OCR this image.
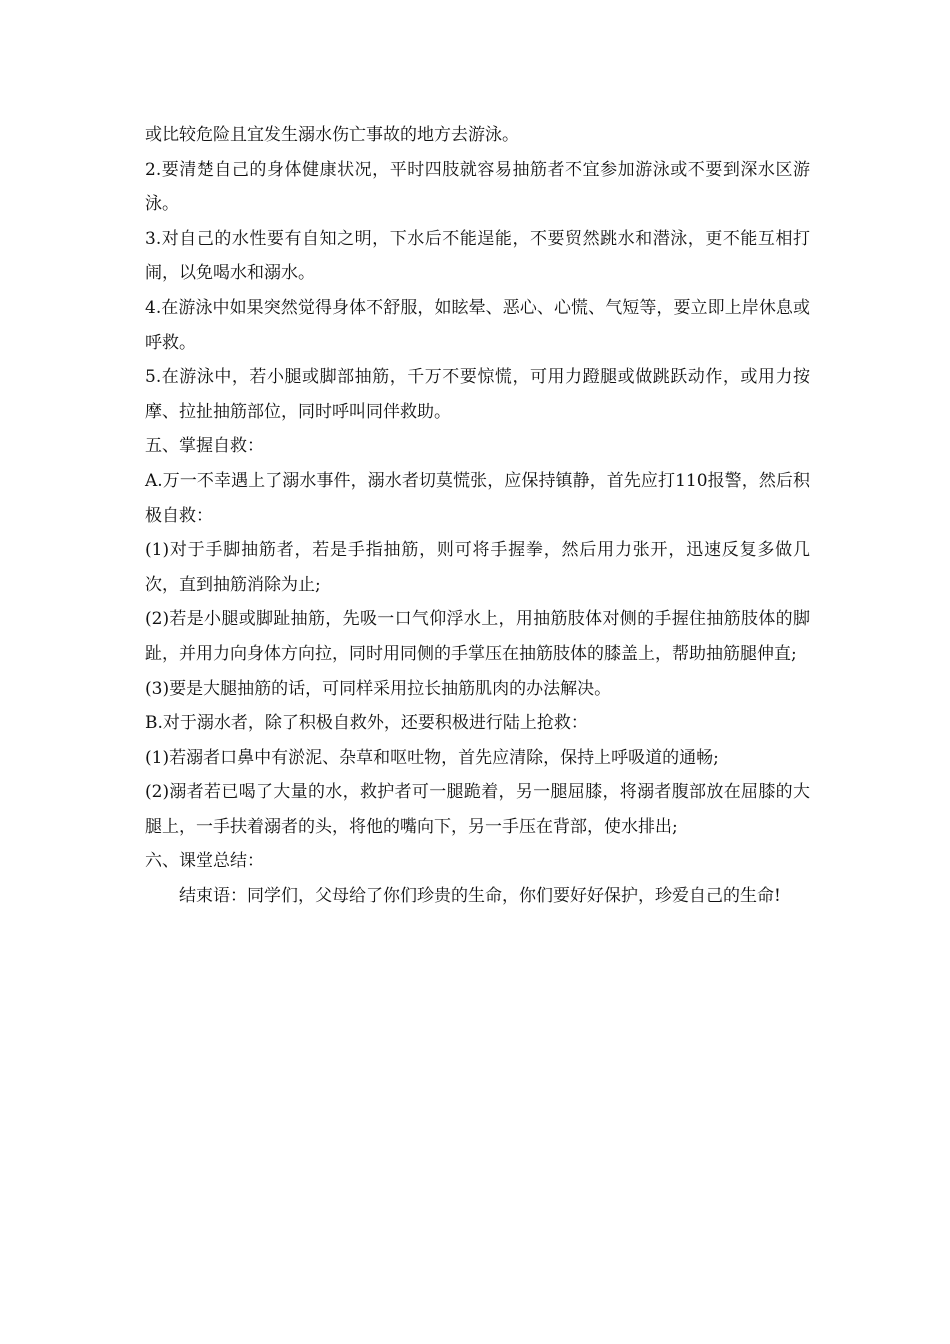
或比较危险且宜发生溺水伤亡事故的地方去游泳。

2.要清楚自己的身体健康状况，平时四肢就容易抽筋者不宜参加游泳或不要到深水区游泳。

3.对自己的水性要有自知之明，下水后不能逞能，不要贸然跳水和潜泳，更不能互相打闹，以免喝水和溺水。

4.在游泳中如果突然觉得身体不舒服，如眩晕、恶心、心慌、气短等，要立即上岸休息或呼救。

5.在游泳中，若小腿或脚部抽筋，千万不要惊慌，可用力蹬腿或做跳跃动作，或用力按摩、拉扯抽筋部位，同时呼叫同伴救助。

五、掌握自救：

A.万一不幸遇上了溺水事件，溺水者切莫慌张，应保持镇静，首先应打110报警，然后积极自救：

(1)对于手脚抽筋者，若是手指抽筋，则可将手握拳，然后用力张开，迅速反复多做几次，直到抽筋消除为止;

(2)若是小腿或脚趾抽筋，先吸一口气仰浮水上，用抽筋肢体对侧的手握住抽筋肢体的脚趾，并用力向身体方向拉，同时用同侧的手掌压在抽筋肢体的膝盖上，帮助抽筋腿伸直;

(3)要是大腿抽筋的话，可同样采用拉长抽筋肌肉的办法解决。

B.对于溺水者，除了积极自救外，还要积极进行陆上抢救：

(1)若溺者口鼻中有淤泥、杂草和呕吐物，首先应清除，保持上呼吸道的通畅;

(2)溺者若已喝了大量的水，救护者可一腿跪着，另一腿屈膝，将溺者腹部放在屈膝的大腿上，一手扶着溺者的头，将他的嘴向下，另一手压在背部，使水排出;

六、课堂总结：

结束语：同学们，父母给了你们珍贵的生命，你们要好好保护，珍爱自己的生命!
